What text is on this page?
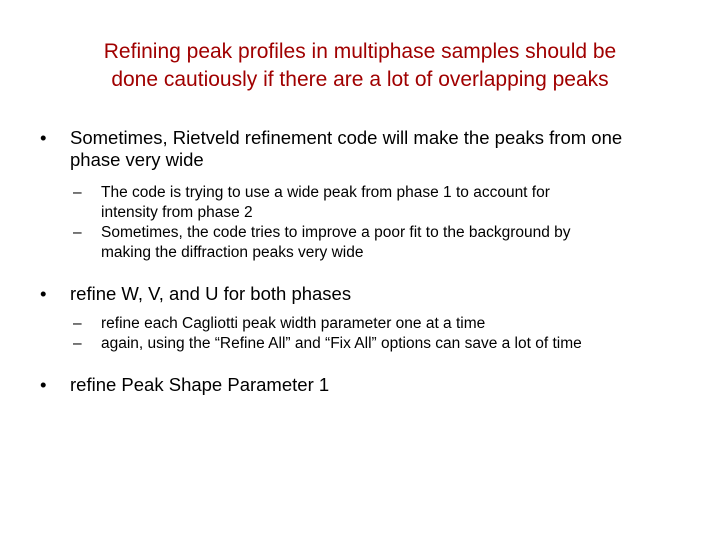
Refining peak profiles in multiphase samples should be
done cautiously if there are a lot of overlapping peaks
•	Sometimes, Rietveld refinement code will make the peaks from one
phase very wide
– The code is trying to use a wide peak from phase 1 to account for
intensity from phase 2
– Sometimes, the code tries to improve a poor fit to the background by
making the diffraction peaks very wide
•	refine W, V, and U for both phases
– refine each Cagliotti peak width parameter one at a time
– again, using the “Refine All” and “Fix All” options can save a lot of time
•	refine Peak Shape Parameter 1
